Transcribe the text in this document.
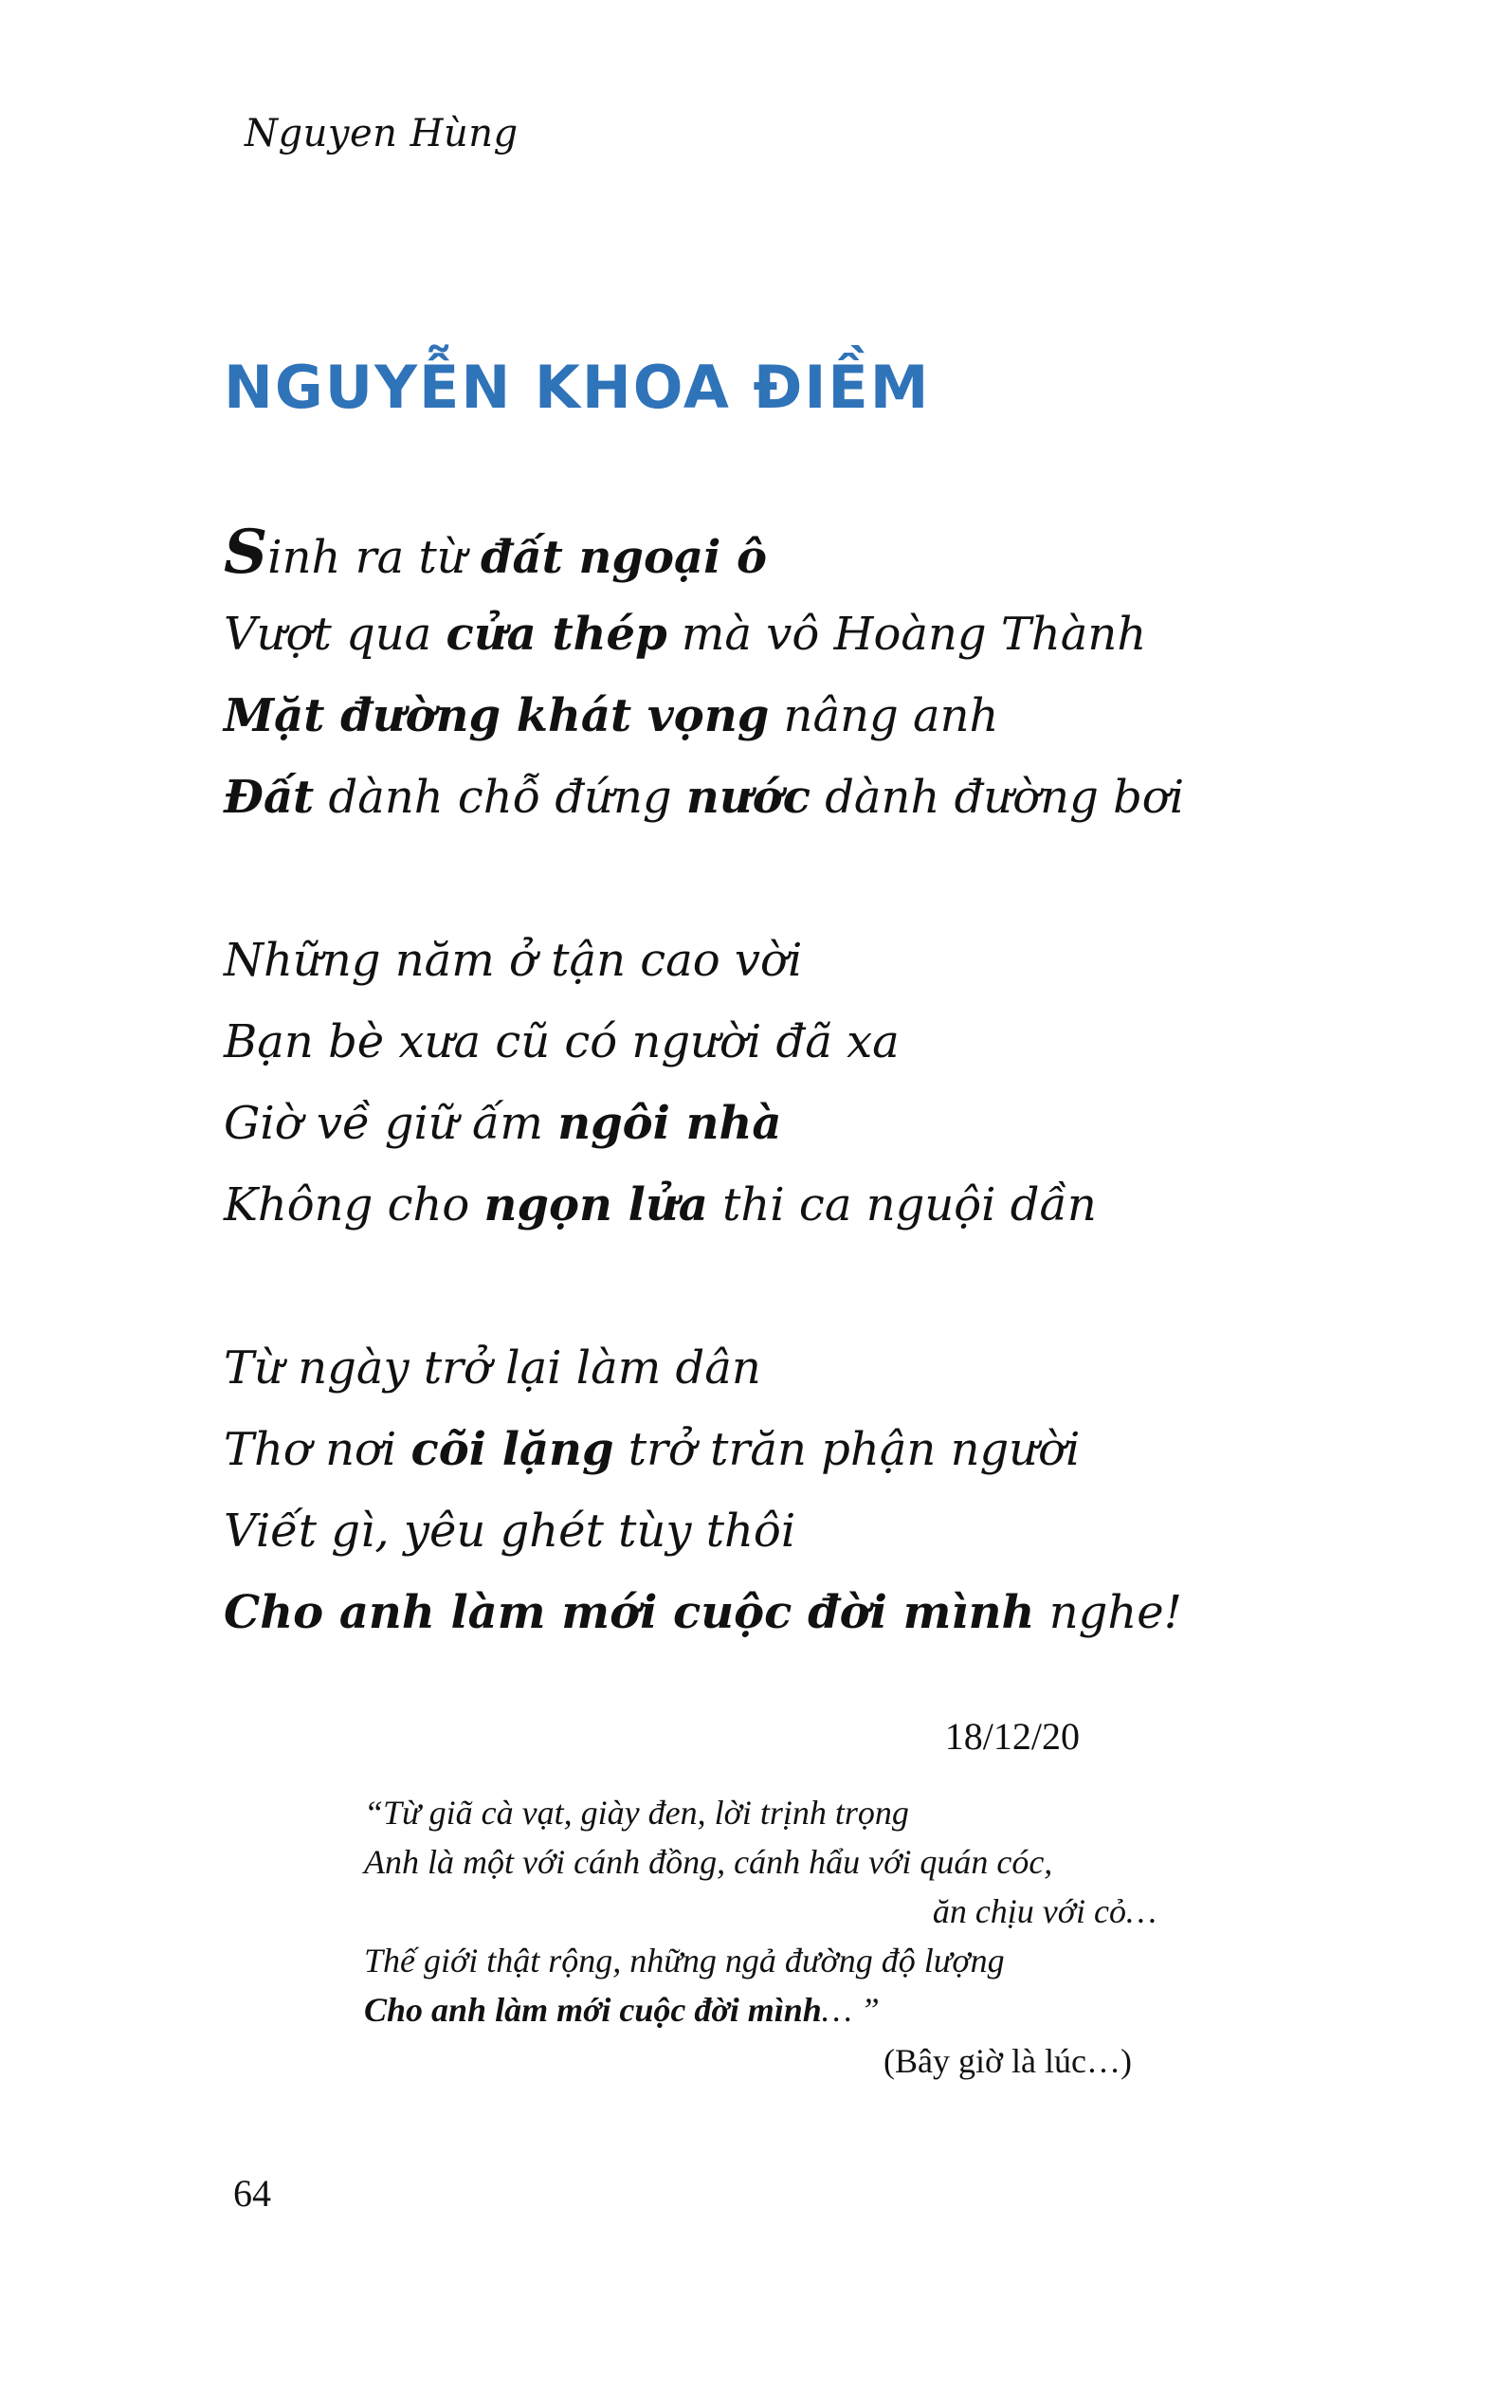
Nguyen Hùng
NGUYỄN KHOA ĐIỀM
Sinh ra từ đất ngoại ô
Vượt qua cửa thép mà vô Hoàng Thành
Mặt đường khát vọng nâng anh
Đất dành chỗ đứng nước dành đường bơi
Những năm ở tận cao vời
Bạn bè xưa cũ có người đã xa
Giờ về giữ ấm ngôi nhà
Không cho ngọn lửa thi ca nguội dần
Từ ngày trở lại làm dân
Thơ nơi cõi lặng trở trăn phận người
Viết gì, yêu ghét tùy thôi
Cho anh làm mới cuộc đời mình nghe!
18/12/20
“Từ giã cà vạt, giày đen, lời trịnh trọng
Anh là một với cánh đồng, cánh hẩu với quán cóc,
ăn chịu với cỏ…
Thế giới thật rộng, những ngả đường độ lượng
Cho anh làm mới cuộc đời mình… ”
(Bây giờ là lúc…)
64
